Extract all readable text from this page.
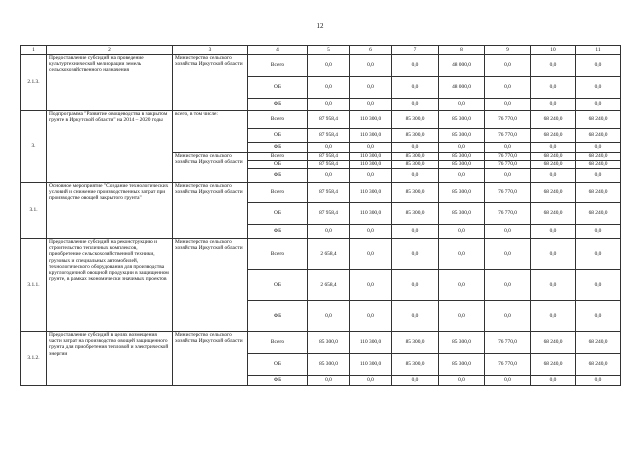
12
1	2	3	4	5	6	7	8	9	10	11
2.1.3.	Предоставление субсидий на проведение культуртехнической мелиорации земель сельскохозяйственного назначения	Министерство сельского хозяйства Иркутской области	Всего	0,0	0,0	0,0	48 000,0	0,0	0,0	0,0
			ОБ	0,0	0,0	0,0	48 000,0	0,0	0,0	0,0
			ФБ	0,0	0,0	0,0	0,0	0,0	0,0	0,0
3.	Подпрограмма "Развитие овощеводства в закрытом грунте в Иркутской области" на 2014 – 2020 годы	всего, в том числе:	Всего	87 958,4	110 300,0	85 300,0	85 300,0	76 770,0	68 240,0	68 240,0
			ОБ	87 958,4	110 300,0	85 300,0	85 300,0	76 770,0	68 240,0	68 240,0
			ФБ	0,0	0,0	0,0	0,0	0,0	0,0	0,0
		Министерство сельского хозяйства Иркутской области	Всего	87 958,4	110 300,0	85 300,0	85 300,0	76 770,0	68 240,0	68 240,0
			ОБ	87 958,4	110 300,0	85 300,0	85 300,0	76 770,0	68 240,0	68 240,0
			ФБ	0,0	0,0	0,0	0,0	0,0	0,0	0,0
3.1.	Основное мероприятие "Создание технологических условий и снижение производственных затрат при производстве овощей закрытого грунта"	Министерство сельского хозяйства Иркутской области	Всего	87 958,4	110 300,0	85 300,0	85 300,0	76 770,0	68 240,0	68 240,0
			ОБ	87 958,4	110 300,0	85 300,0	85 300,0	76 770,0	68 240,0	68 240,0
			ФБ	0,0	0,0	0,0	0,0	0,0	0,0	0,0
3.1.1.	Предоставление субсидий на реконструкцию и строительство тепличных комплексов, приобретение сельскохозяйственной техники, грузовых и специальных автомобилей, технологического оборудования для производства круглогодичной овощной продукции в защищенном грунте, в рамках экономически значимых проектов	Министерство сельского хозяйства Иркутской области	Всего	2 658,4	0,0	0,0	0,0	0,0	0,0	0,0
			ОБ	2 658,4	0,0	0,0	0,0	0,0	0,0	0,0
			ФБ	0,0	0,0	0,0	0,0	0,0	0,0	0,0
3.1.2.	Предоставление субсидий в целях возмещения части затрат на производство овощей защищенного грунта для приобретения тепловой и электрической энергии	Министерство сельского хозяйства Иркутской области	Всего	85 300,0	110 300,0	85 300,0	85 300,0	76 770,0	68 240,0	68 240,0
			ОБ	85 300,0	110 300,0	85 300,0	85 300,0	76 770,0	68 240,0	68 240,0
			ФБ	0,0	0,0	0,0	0,0	0,0	0,0	0,0
